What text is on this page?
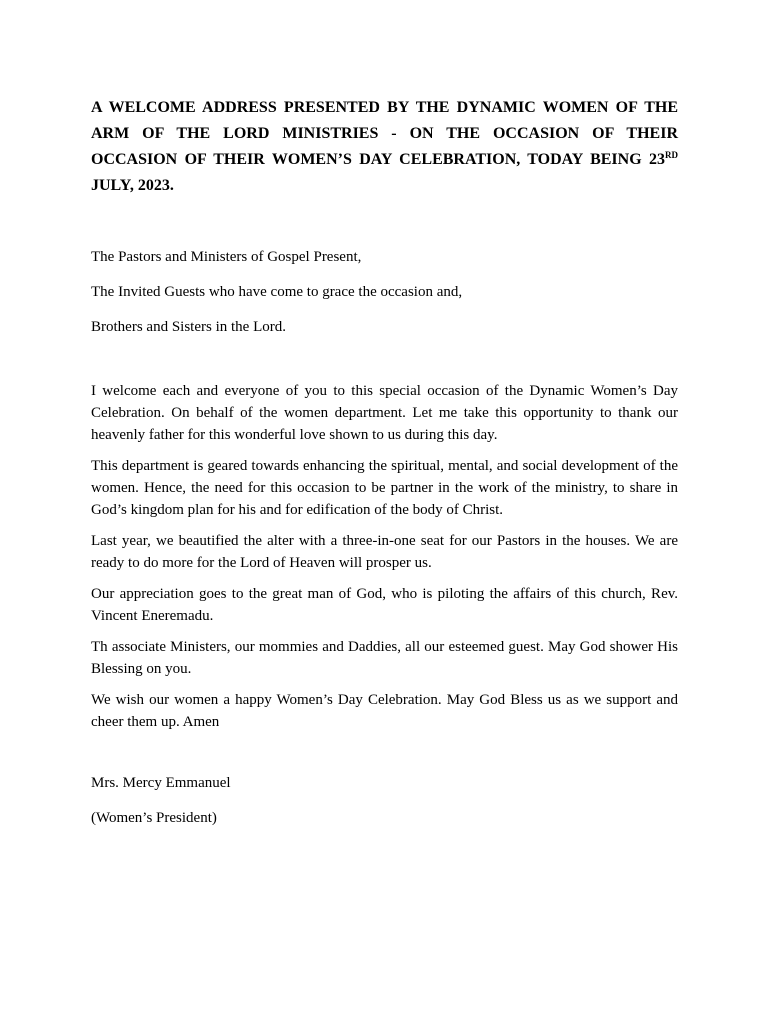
A WELCOME ADDRESS PRESENTED BY THE DYNAMIC WOMEN OF THE ARM OF THE LORD MINISTRIES - ON THE OCCASION OF THEIR OCCASION OF THEIR WOMEN’S DAY CELEBRATION, TODAY BEING 23RD JULY, 2023.

The Pastors and Ministers of Gospel Present,

The Invited Guests who have come to grace the occasion and,

Brothers and Sisters in the Lord.

I welcome each and everyone of you to this special occasion of the Dynamic Women’s Day Celebration. On behalf of the women department. Let me take this opportunity to thank our heavenly father for this wonderful love shown to us during this day.

This department is geared towards enhancing the spiritual, mental, and social development of the women. Hence, the need for this occasion to be partner in the work of the ministry, to share in God’s kingdom plan for his and for edification of the body of Christ.

Last year, we beautified the alter with a three-in-one seat for our Pastors in the houses. We are ready to do more for the Lord of Heaven will prosper us.

Our appreciation goes to the great man of God, who is piloting the affairs of this church, Rev. Vincent Eneremadu.

Th associate Ministers, our mommies and Daddies, all our esteemed guest. May God shower His Blessing on you.

We wish our women a happy Women’s Day Celebration. May God Bless us as we support and cheer them up. Amen

Mrs. Mercy Emmanuel

(Women’s President)
